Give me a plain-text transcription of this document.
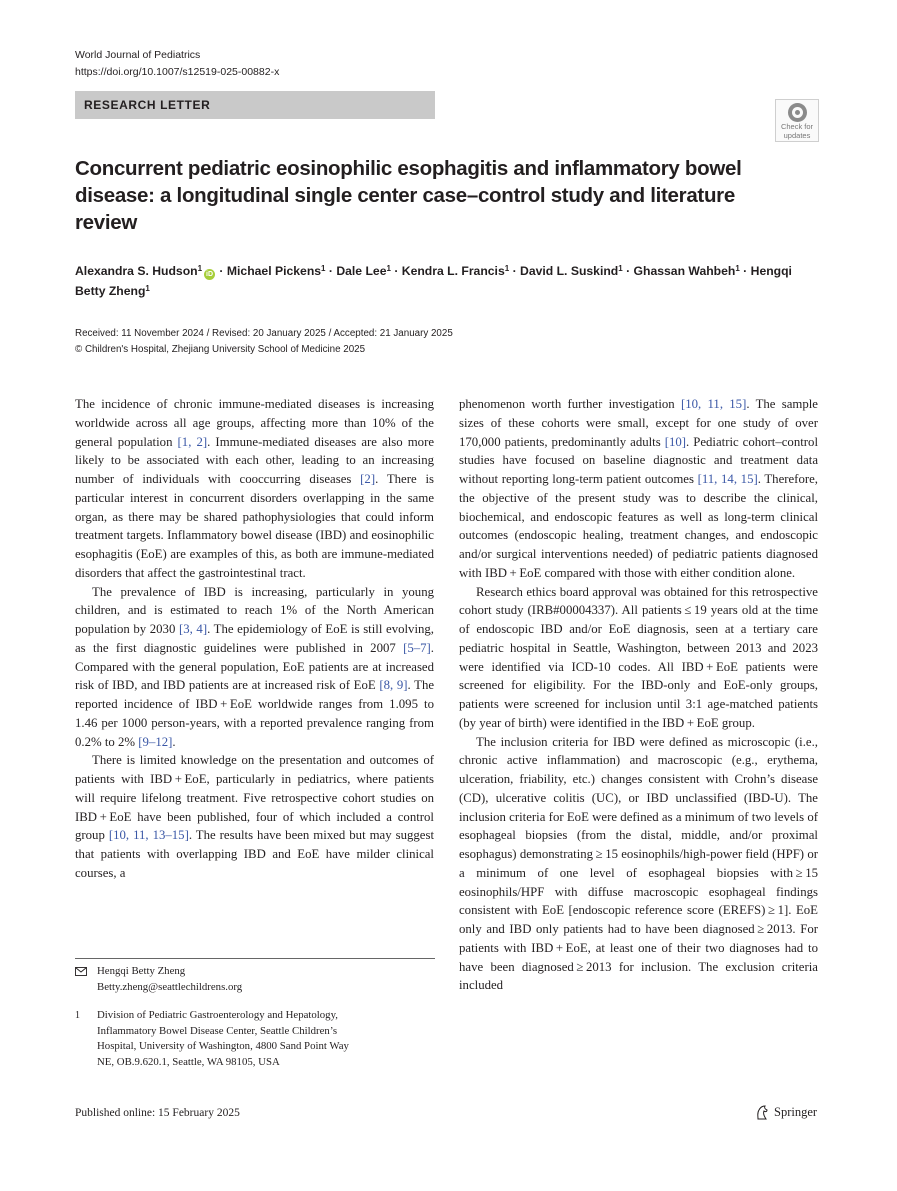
World Journal of Pediatrics
https://doi.org/10.1007/s12519-025-00882-x
RESEARCH LETTER
Check for
updates
Concurrent pediatric eosinophilic esophagitis and inflammatory bowel disease: a longitudinal single center case–control study and literature review
Alexandra S. Hudson$^1$iD · Michael Pickens$^1$ · Dale Lee$^1$ · Kendra L. Francis$^1$ · David L. Suskind$^1$ · Ghassan Wahbeh$^1$ · Hengqi Betty Zheng$^1$
Received: 11 November 2024 / Revised: 20 January 2025 / Accepted: 21 January 2025
© Children's Hospital, Zhejiang University School of Medicine 2025

The incidence of chronic immune-mediated diseases is increasing worldwide across all age groups, affecting more than 10% of the general population [1, 2]. Immune-mediated diseases are also more likely to be associated with each other, leading to an increasing number of individuals with cooccurring diseases [2]. There is particular interest in concurrent disorders overlapping in the same organ, as there may be shared pathophysiologies that could inform treatment targets. Inflammatory bowel disease (IBD) and eosinophilic esophagitis (EoE) are examples of this, as both are immune-mediated disorders that affect the gastrointestinal tract.

The prevalence of IBD is increasing, particularly in young children, and is estimated to reach 1% of the North American population by 2030 [3, 4]. The epidemiology of EoE is still evolving, as the first diagnostic guidelines were published in 2007 [5–7]. Compared with the general population, EoE patients are at increased risk of IBD, and IBD patients are at increased risk of EoE [8, 9]. The reported incidence of IBD + EoE worldwide ranges from 1.095 to 1.46 per 1000 person-years, with a reported prevalence ranging from 0.2% to 2% [9–12].

There is limited knowledge on the presentation and outcomes of patients with IBD + EoE, particularly in pediatrics, where patients will require lifelong treatment. Five retrospective cohort studies on IBD + EoE have been published, four of which included a control group [10, 11, 13–15]. The results have been mixed but may suggest that patients with overlapping IBD and EoE have milder clinical courses, a

phenomenon worth further investigation [10, 11, 15]. The sample sizes of these cohorts were small, except for one study of over 170,000 patients, predominantly adults [10]. Pediatric cohort–control studies have focused on baseline diagnostic and treatment data without reporting long-term patient outcomes [11, 14, 15]. Therefore, the objective of the present study was to describe the clinical, biochemical, and endoscopic features as well as long-term clinical outcomes (endoscopic healing, treatment changes, and endoscopic and/or surgical interventions needed) of pediatric patients diagnosed with IBD + EoE compared with those with either condition alone.

Research ethics board approval was obtained for this retrospective cohort study (IRB#00004337). All patients ≤ 19 years old at the time of endoscopic IBD and/or EoE diagnosis, seen at a tertiary care pediatric hospital in Seattle, Washington, between 2013 and 2023 were identified via ICD-10 codes. All IBD + EoE patients were screened for eligibility. For the IBD-only and EoE-only groups, patients were screened for inclusion until 3:1 age-matched patients (by year of birth) were identified in the IBD + EoE group.

The inclusion criteria for IBD were defined as microscopic (i.e., chronic active inflammation) and macroscopic (e.g., erythema, ulceration, friability, etc.) changes consistent with Crohn’s disease (CD), ulcerative colitis (UC), or IBD unclassified (IBD-U). The inclusion criteria for EoE were defined as a minimum of two levels of esophageal biopsies (from the distal, middle, and/or proximal esophagus) demonstrating ≥ 15 eosinophils/high-power field (HPF) or a minimum of one level of esophageal biopsies with ≥ 15 eosinophils/HPF with diffuse macroscopic esophageal findings consistent with EoE [endoscopic reference score (EREFS) ≥ 1]. EoE only and IBD only patients had to have been diagnosed ≥ 2013. For patients with IBD + EoE, at least one of their two diagnoses had to have been diagnosed ≥ 2013 for inclusion. The exclusion criteria included

Hengqi Betty Zheng
Betty.zheng@seattlechildrens.org
1 Division of Pediatric Gastroenterology and Hepatology,
Inflammatory Bowel Disease Center, Seattle Children’s
Hospital, University of Washington, 4800 Sand Point Way
NE, OB.9.620.1, Seattle, WA 98105, USA
Published online: 15 February 2025	Springer
